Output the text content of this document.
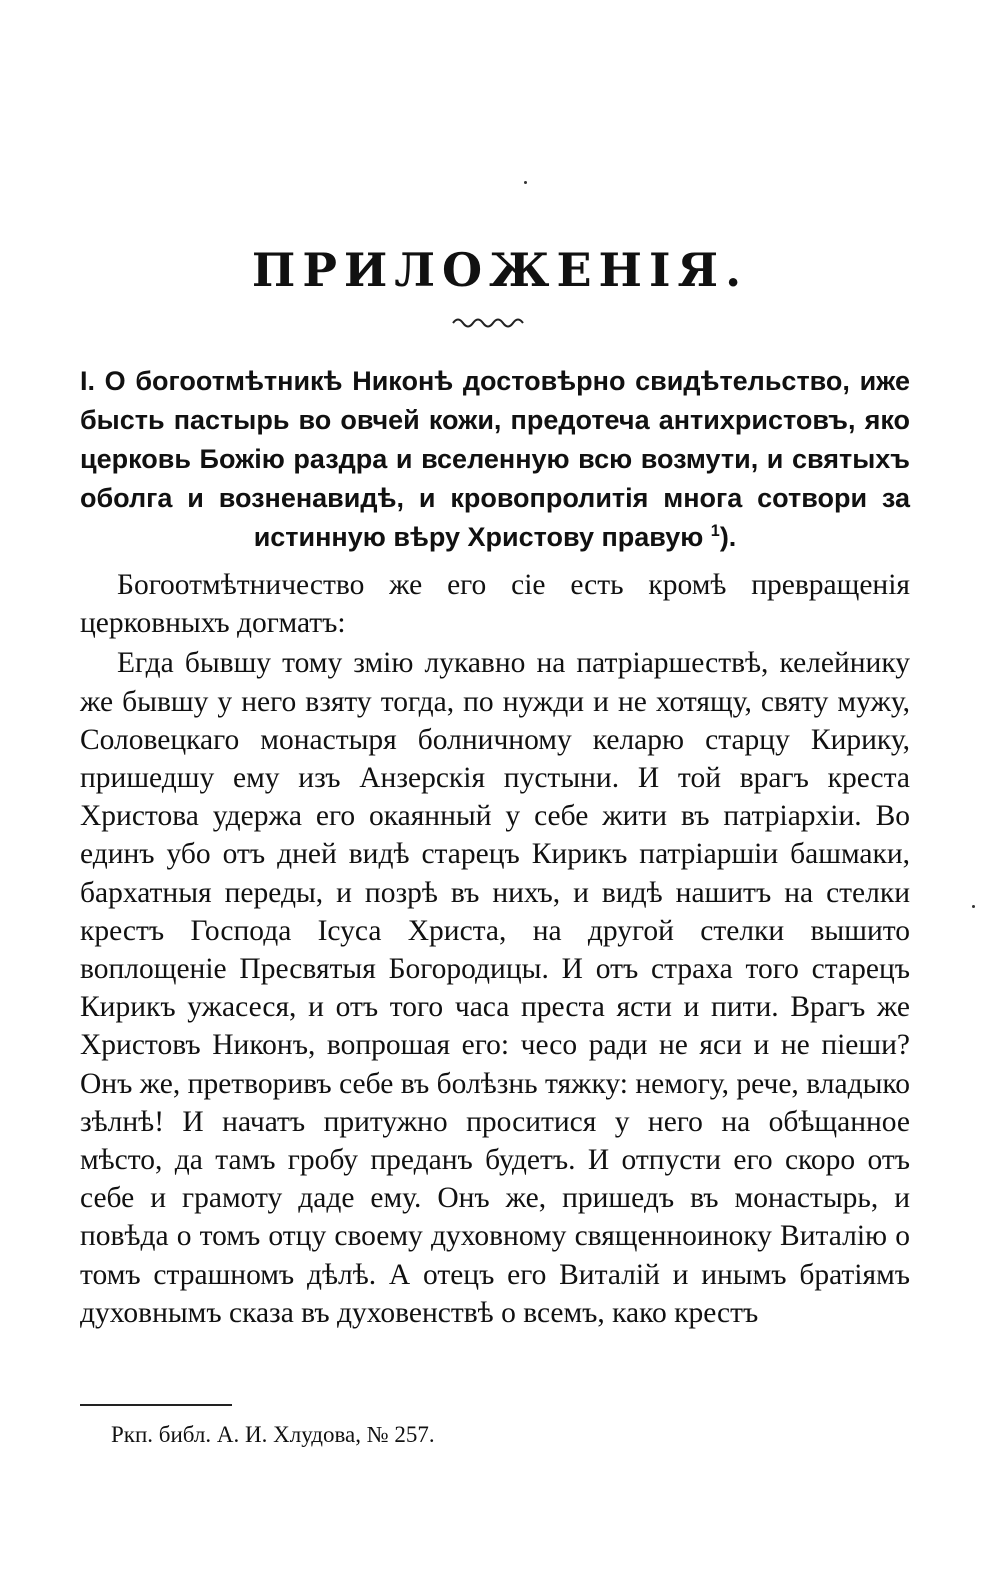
ПРИЛОЖЕНІЯ.
I. О богоотмѣтникѣ Никонѣ достовѣрно свидѣтельство, иже бысть пастырь во овчей кожи, предотеча антихристовъ, яко церковь Божію раздра и вселенную всю возмути, и святыхъ оболга и возненавидѣ, и кровопролитія многа сотвори за истинную вѣру Христову правую $^1$).

Богоотмѣтничество же его сіе есть кромѣ превращенія церковныхъ догматъ:

Егда бывшу тому змію лукавно на патріаршествѣ, келейнику же бывшу у него взяту тогда, по нужди и не хотящу, святу мужу, Соловецкаго монастыря болничному келарю старцу Кирику, пришедшу ему изъ Анзерскія пустыни. И той врагъ креста Христова удержа его окаянный у себе жити въ патріархіи. Во единъ убо отъ дней видѣ старецъ Кирикъ патріаршіи башмаки, бархатныя переды, и позрѣ въ нихъ, и видѣ нашитъ на стелки крестъ Господа Ісуса Христа, на другой стелки вышито воплощеніе Пресвятыя Богородицы. И отъ страха того старецъ Кирикъ ужасеся, и отъ того часа преста ясти и пити. Врагъ же Христовъ Никонъ, вопрошая его: чесо ради не яси и не піеши? Онъ же, претворивъ себе въ болѣзнь тяжку: немогу, рече, владыко зѣлнѣ! И начатъ притужно проситися у него на обѣщанное мѣсто, да тамъ гробу преданъ будетъ. И отпусти его скоро отъ себе и грамоту даде ему. Онъ же, пришедъ въ монастырь, и повѣда о томъ отцу своему духовному священноиноку Виталію о томъ страшномъ дѣлѣ. А отецъ его Виталій и инымъ братіямъ духовнымъ сказа въ духовенствѣ о всемъ, како крестъ

Ркп. библ. А. И. Хлудова, № 257.
